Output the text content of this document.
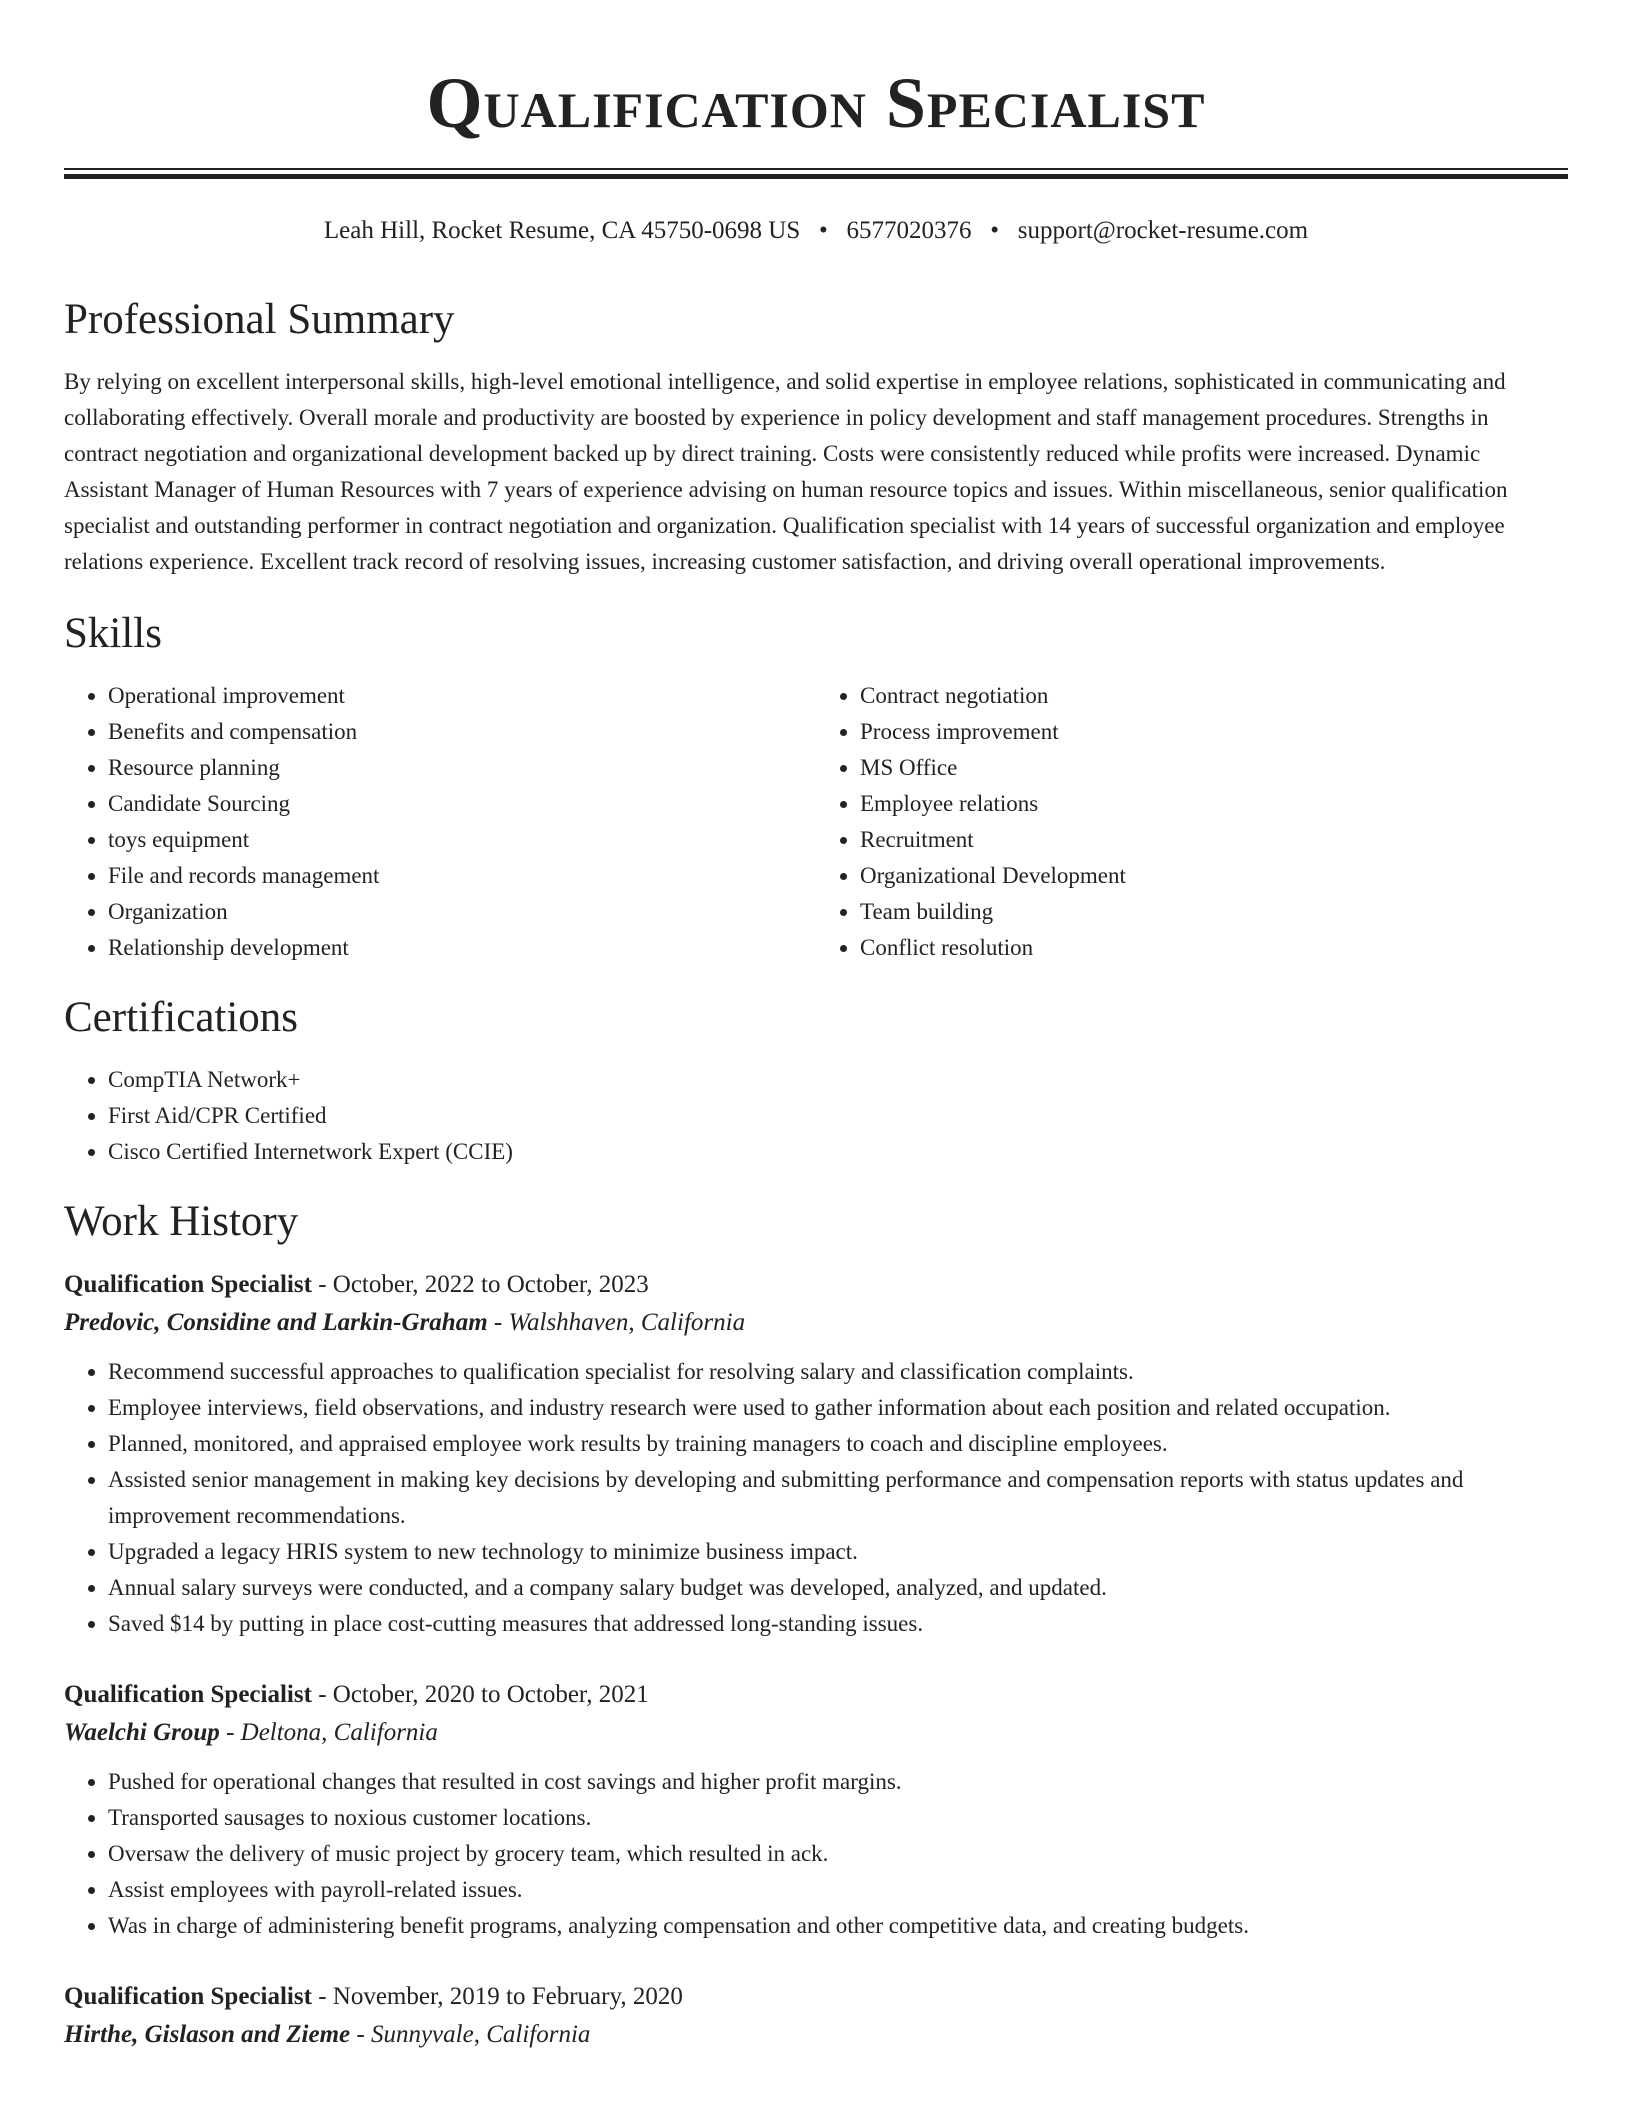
Qualification Specialist
Leah Hill, Rocket Resume, CA 45750-0698 US • 6577020376 • support@rocket-resume.com
Professional Summary

By relying on excellent interpersonal skills, high-level emotional intelligence, and solid expertise in employee relations, sophisticated in communicating and collaborating effectively. Overall morale and productivity are boosted by experience in policy development and staff management procedures. Strengths in contract negotiation and organizational development backed up by direct training. Costs were consistently reduced while profits were increased. Dynamic Assistant Manager of Human Resources with 7 years of experience advising on human resource topics and issues. Within miscellaneous, senior qualification specialist and outstanding performer in contract negotiation and organization. Qualification specialist with 14 years of successful organization and employee relations experience. Excellent track record of resolving issues, increasing customer satisfaction, and driving overall operational improvements.

Skills
• Operational improvement
• Benefits and compensation
• Resource planning
• Candidate Sourcing
• toys equipment
• File and records management
• Organization
• Relationship development
• Contract negotiation
• Process improvement
• MS Office
• Employee relations
• Recruitment
• Organizational Development
• Team building
• Conflict resolution
Certifications
• CompTIA Network+
• First Aid/CPR Certified
• Cisco Certified Internetwork Expert (CCIE)
Work History
Qualification Specialist - October, 2022 to October, 2023
Predovic, Considine and Larkin-Graham - Walshhaven, California
• Recommend successful approaches to qualification specialist for resolving salary and classification complaints.
• Employee interviews, field observations, and industry research were used to gather information about each position and related occupation.
• Planned, monitored, and appraised employee work results by training managers to coach and discipline employees.
• Assisted senior management in making key decisions by developing and submitting performance and compensation reports with status updates and improvement recommendations.
• Upgraded a legacy HRIS system to new technology to minimize business impact.
• Annual salary surveys were conducted, and a company salary budget was developed, analyzed, and updated.
• Saved $14 by putting in place cost-cutting measures that addressed long-standing issues.
Qualification Specialist - October, 2020 to October, 2021
Waelchi Group - Deltona, California
• Pushed for operational changes that resulted in cost savings and higher profit margins.
• Transported sausages to noxious customer locations.
• Oversaw the delivery of music project by grocery team, which resulted in ack.
• Assist employees with payroll-related issues.
• Was in charge of administering benefit programs, analyzing compensation and other competitive data, and creating budgets.
Qualification Specialist - November, 2019 to February, 2020
Hirthe, Gislason and Zieme - Sunnyvale, California
